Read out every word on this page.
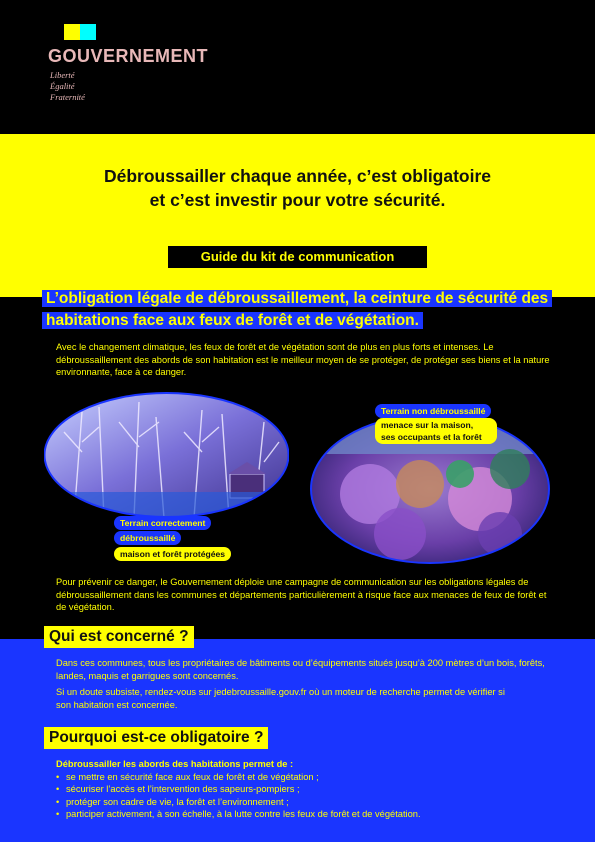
GOUVERNEMENT
Liberté
Égalité
Fraternité
Débroussailler chaque année, c’est obligatoire
et c’est investir pour votre sécurité.
Guide du kit de communication
L’obligation légale de débroussaillement, la ceinture de sécurité des habitations face aux feux de forêt et de végétation.
Avec le changement climatique, les feux de forêt et de végétation sont de plus en plus forts et intenses. Le débroussaillement des abords de son habitation est le meilleur moyen de se protéger, de protéger ses biens et la nature environnante, face à ce danger.
Terrain correctement
débroussaillé
maison et forêt protégées
Terrain non débroussaillé
menace sur la maison,
ses occupants et la forêt
Pour prévenir ce danger, le Gouvernement déploie une campagne de communication sur les obligations légales de débroussaillement dans les communes et départements particulièrement à risque face aux menaces de feux de forêt et de végétation.
Qui est concerné ?
Dans ces communes, tous les propriétaires de bâtiments ou d’équipements situés jusqu’à 200 mètres d’un bois, forêts, landes, maquis et garrigues sont concernés.
Si un doute subsiste, rendez-vous sur jedebroussaille.gouv.fr où un moteur de recherche permet de vérifier si son habitation est concernée.
Pourquoi est-ce obligatoire ?
Débroussailler les abords des habitations permet de :
• se mettre en sécurité face aux feux de forêt et de végétation ;
• sécuriser l’accès et l’intervention des sapeurs-pompiers ;
• protéger son cadre de vie, la forêt et l’environnement ;
• participer activement, à son échelle, à la lutte contre les feux de forêt et de végétation.
